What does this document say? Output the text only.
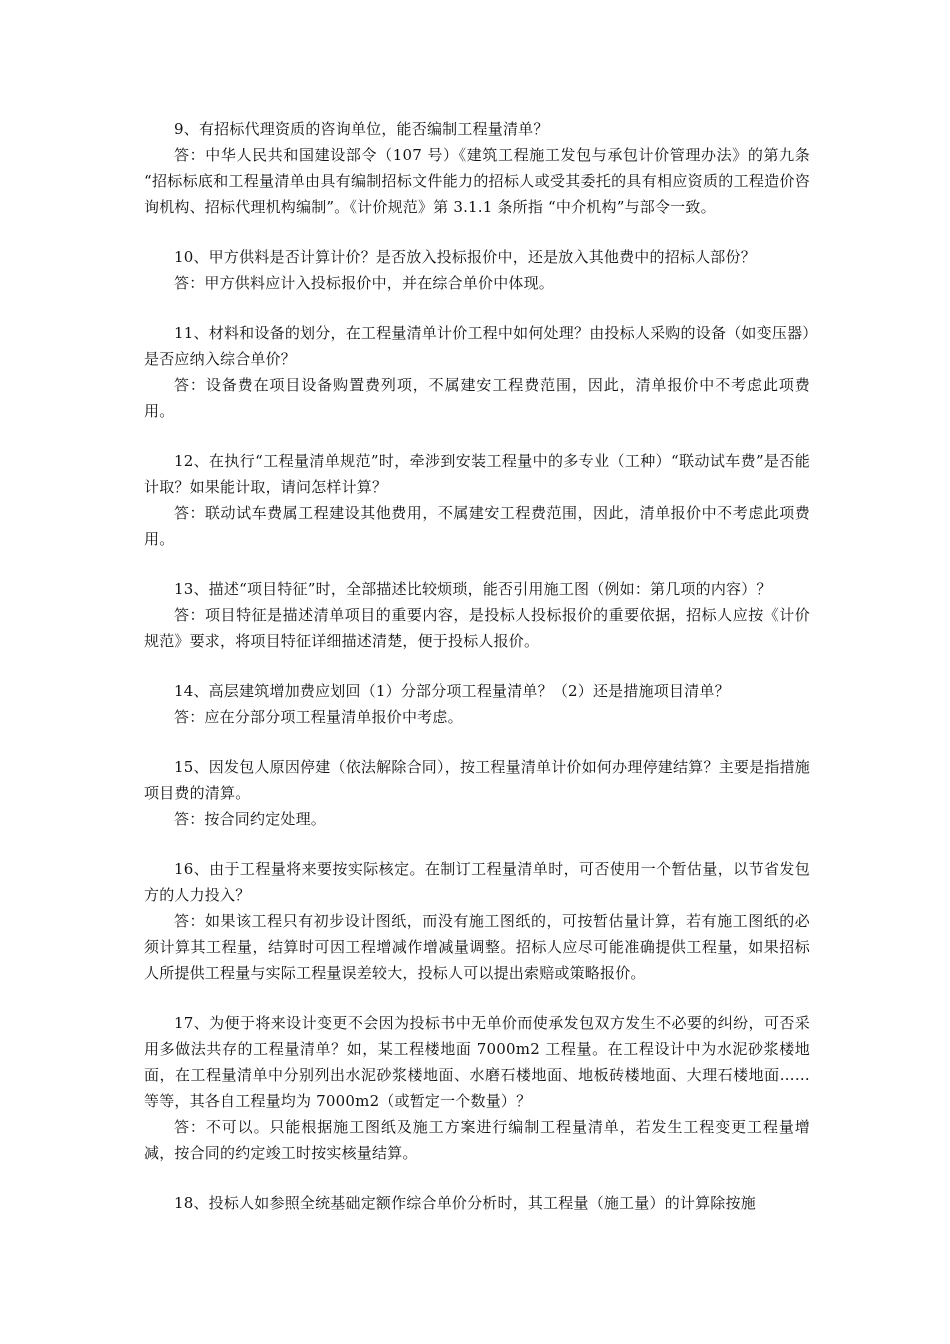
9、有招标代理资质的咨询单位，能否编制工程量清单？

答：中华人民共和国建设部令（107 号）《建筑工程施工发包与承包计价管理办法》的第九条 “招标标底和工程量清单由具有编制招标文件能力的招标人或受其委托的具有相应资质的工程造价咨询机构、招标代理机构编制”。《计价规范》第 3.1.1 条所指 “中介机构”与部令一致。

10、甲方供料是否计算计价？是否放入投标报价中，还是放入其他费中的招标人部份？

答：甲方供料应计入投标报价中，并在综合单价中体现。

11、材料和设备的划分，在工程量清单计价工程中如何处理？由投标人采购的设备（如变压器）是否应纳入综合单价？

答：设备费在项目设备购置费列项，不属建安工程费范围，因此，清单报价中不考虑此项费用。

12、在执行“工程量清单规范”时，牵涉到安装工程量中的多专业（工种）“联动试车费”是否能计取？如果能计取，请问怎样计算？

答：联动试车费属工程建设其他费用，不属建安工程费范围，因此，清单报价中不考虑此项费用。

13、描述“项目特征”时，全部描述比较烦琐，能否引用施工图（例如：第几项的内容）？

答：项目特征是描述清单项目的重要内容，是投标人投标报价的重要依据，招标人应按《计价规范》要求，将项目特征详细描述清楚，便于投标人报价。

14、高层建筑增加费应划回（1）分部分项工程量清单？（2）还是措施项目清单？

答：应在分部分项工程量清单报价中考虑。

15、因发包人原因停建（依法解除合同），按工程量清单计价如何办理停建结算？主要是指措施项目费的清算。

答：按合同约定处理。

16、由于工程量将来要按实际核定。在制订工程量清单时，可否使用一个暂估量，以节省发包方的人力投入？

答：如果该工程只有初步设计图纸，而没有施工图纸的，可按暂估量计算，若有施工图纸的必须计算其工程量，结算时可因工程增减作增减量调整。招标人应尽可能准确提供工程量，如果招标人所提供工程量与实际工程量误差较大，投标人可以提出索赔或策略报价。

17、为便于将来设计变更不会因为投标书中无单价而使承发包双方发生不必要的纠纷，可否采用多做法共存的工程量清单？如，某工程楼地面 7000m2 工程量。在工程设计中为水泥砂浆楼地面，在工程量清单中分别列出水泥砂浆楼地面、水磨石楼地面、地板砖楼地面、大理石楼地面……等等，其各自工程量均为 7000m2（或暂定一个数量）？

答：不可以。只能根据施工图纸及施工方案进行编制工程量清单，若发生工程变更工程量增减，按合同的约定竣工时按实核量结算。

18、投标人如参照全统基础定额作综合单价分析时，其工程量（施工量）的计算除按施
